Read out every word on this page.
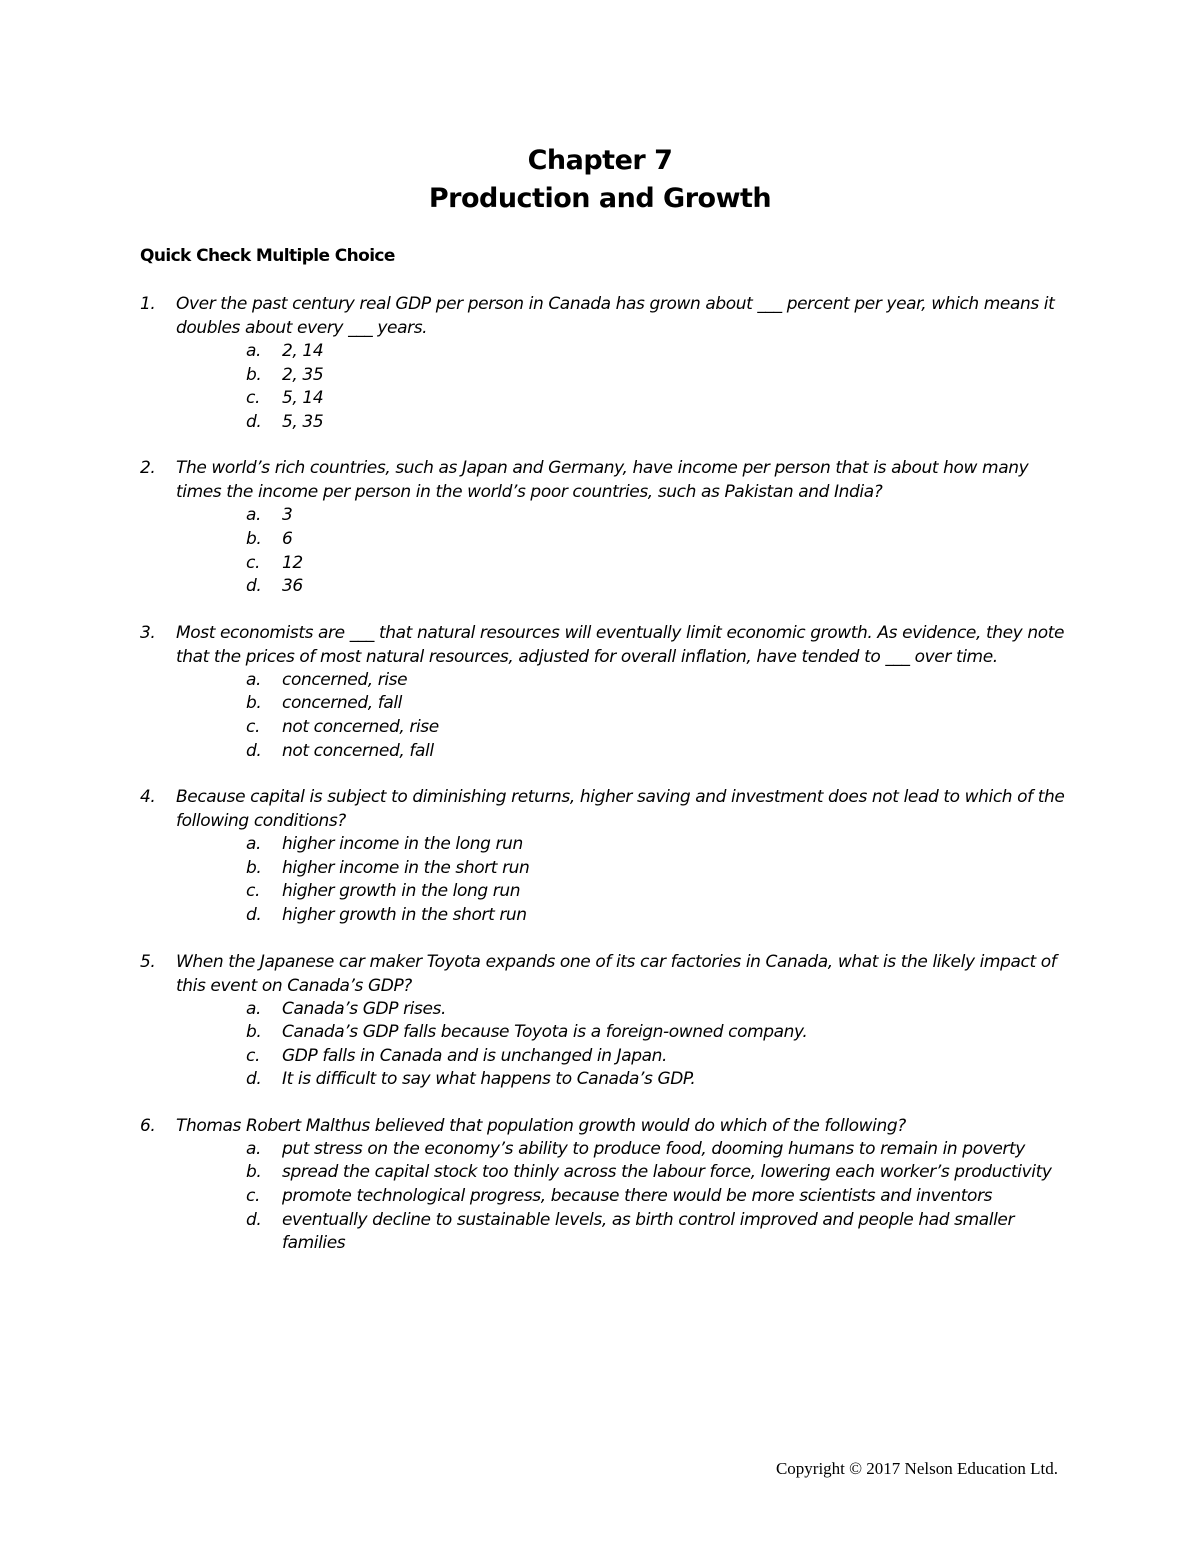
Chapter 7
Production and Growth
Quick Check Multiple Choice
1.	Over the past century real GDP per person in Canada has grown about ___ percent per year, which means it doubles about every ___ years.
a.	2, 14
b.	2, 35
c.	5, 14
d.	5, 35
2.	The world’s rich countries, such as Japan and Germany, have income per person that is about how many times the income per person in the world’s poor countries, such as Pakistan and India?
a.	3
b.	6
c.	12
d.	36
3.	Most economists are ___ that natural resources will eventually limit economic growth. As evidence, they note that the prices of most natural resources, adjusted for overall inflation, have tended to ___ over time.
a.	concerned, rise
b.	concerned, fall
c.	not concerned, rise
d.	not concerned, fall
4.	Because capital is subject to diminishing returns, higher saving and investment does not lead to which of the following conditions?
a.	higher income in the long run
b.	higher income in the short run
c.	higher growth in the long run
d.	higher growth in the short run
5.	When the Japanese car maker Toyota expands one of its car factories in Canada, what is the likely impact of this event on Canada’s GDP?
a.	Canada’s GDP rises.
b.	Canada’s GDP falls because Toyota is a foreign-owned company.
c.	GDP falls in Canada and is unchanged in Japan.
d.	It is difficult to say what happens to Canada’s GDP.
6.	Thomas Robert Malthus believed that population growth would do which of the following?
a.	put stress on the economy’s ability to produce food, dooming humans to remain in poverty
b.	spread the capital stock too thinly across the labour force, lowering each worker’s productivity
c.	promote technological progress, because there would be more scientists and inventors
d.	eventually decline to sustainable levels, as birth control improved and people had smaller families
Copyright © 2017 Nelson Education Ltd.
